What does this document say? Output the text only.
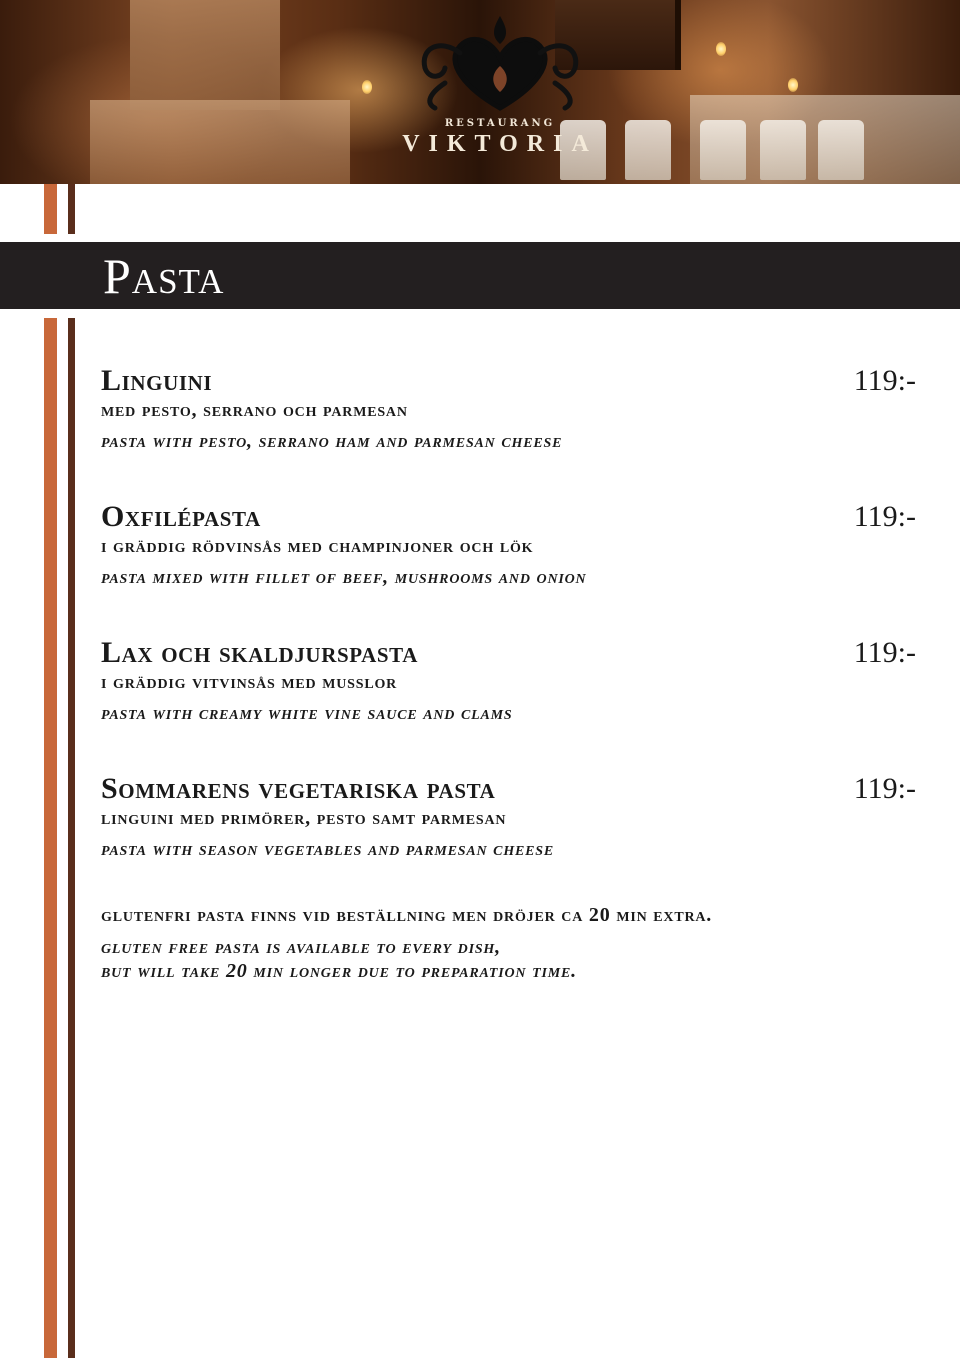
RESTAURANG
VIKTORIA
Pasta
Linguini	119:-
med pesto, serrano och parmesan
pasta with pesto, serrano ham and parmesan cheese
Oxfilépasta	119:-
i gräddig rödvinsås med champinjoner och lök
pasta mixed with fillet of beef, mushrooms and onion
Lax och skaldjurspasta	119:-
i gräddig vitvinsås med musslor
pasta with creamy white vine sauce and clams
Sommarens vegetariska pasta	119:-
linguini med primörer, pesto samt parmesan
pasta with season vegetables and parmesan cheese
glutenfri pasta finns vid beställning men dröjer ca 20 min extra.
gluten free pasta is available to every dish,
but will take 20 min longer due to preparation time.
